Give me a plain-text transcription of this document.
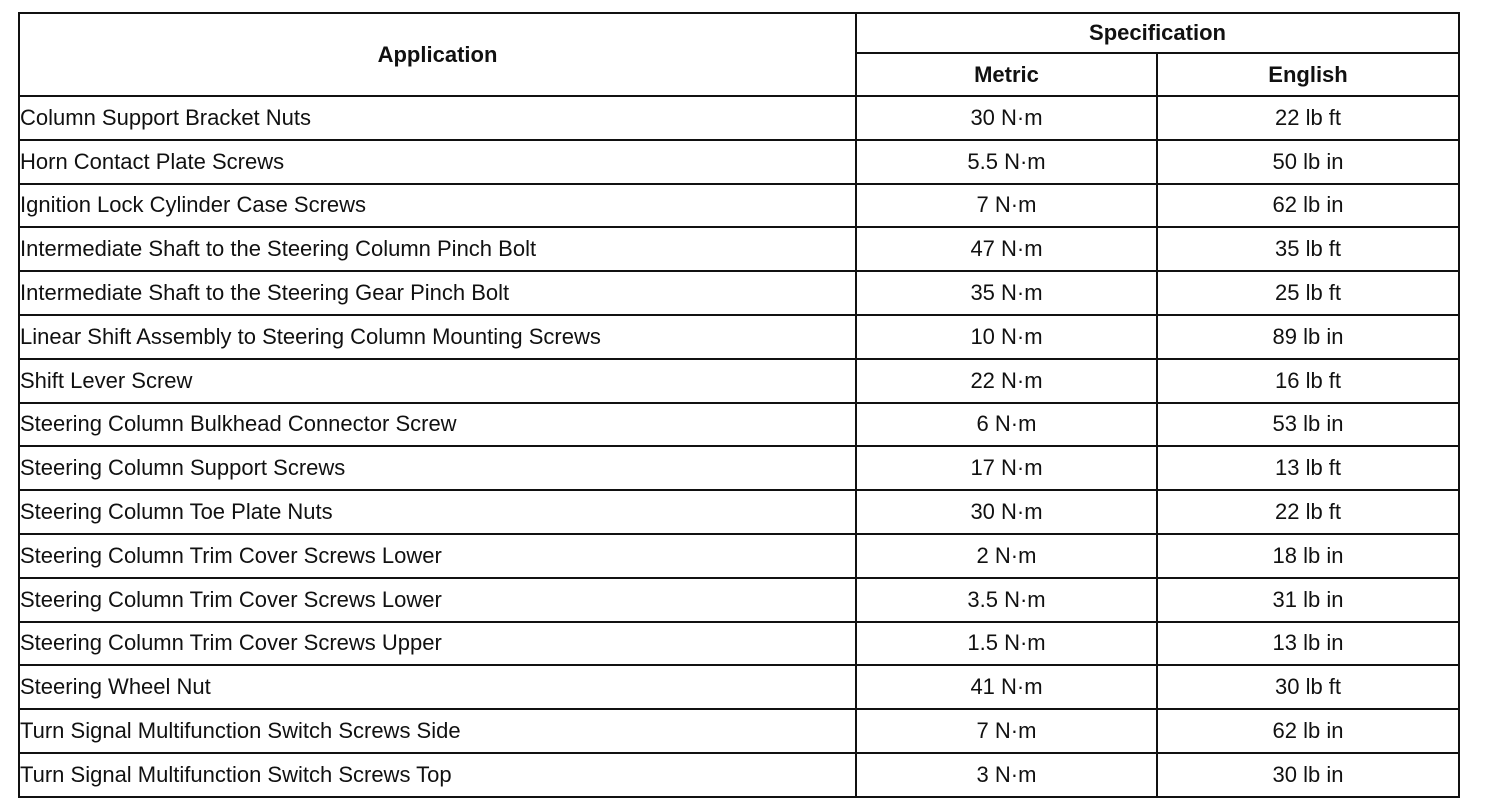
Application	Specification	
	Metric	English
Column Support Bracket Nuts	30 N·m	22 lb ft
Horn Contact Plate Screws	5.5 N·m	50 lb in
Ignition Lock Cylinder Case Screws	7 N·m	62 lb in
Intermediate Shaft to the Steering Column Pinch Bolt	47 N·m	35 lb ft
Intermediate Shaft to the Steering Gear Pinch Bolt	35 N·m	25 lb ft
Linear Shift Assembly to Steering Column Mounting Screws	10 N·m	89 lb in
Shift Lever Screw	22 N·m	16 lb ft
Steering Column Bulkhead Connector Screw	6 N·m	53 lb in
Steering Column Support Screws	17 N·m	13 lb ft
Steering Column Toe Plate Nuts	30 N·m	22 lb ft
Steering Column Trim Cover Screws Lower	2 N·m	18 lb in
Steering Column Trim Cover Screws Lower	3.5 N·m	31 lb in
Steering Column Trim Cover Screws Upper	1.5 N·m	13 lb in
Steering Wheel Nut	41 N·m	30 lb ft
Turn Signal Multifunction Switch Screws Side	7 N·m	62 lb in
Turn Signal Multifunction Switch Screws Top	3 N·m	30 lb in
